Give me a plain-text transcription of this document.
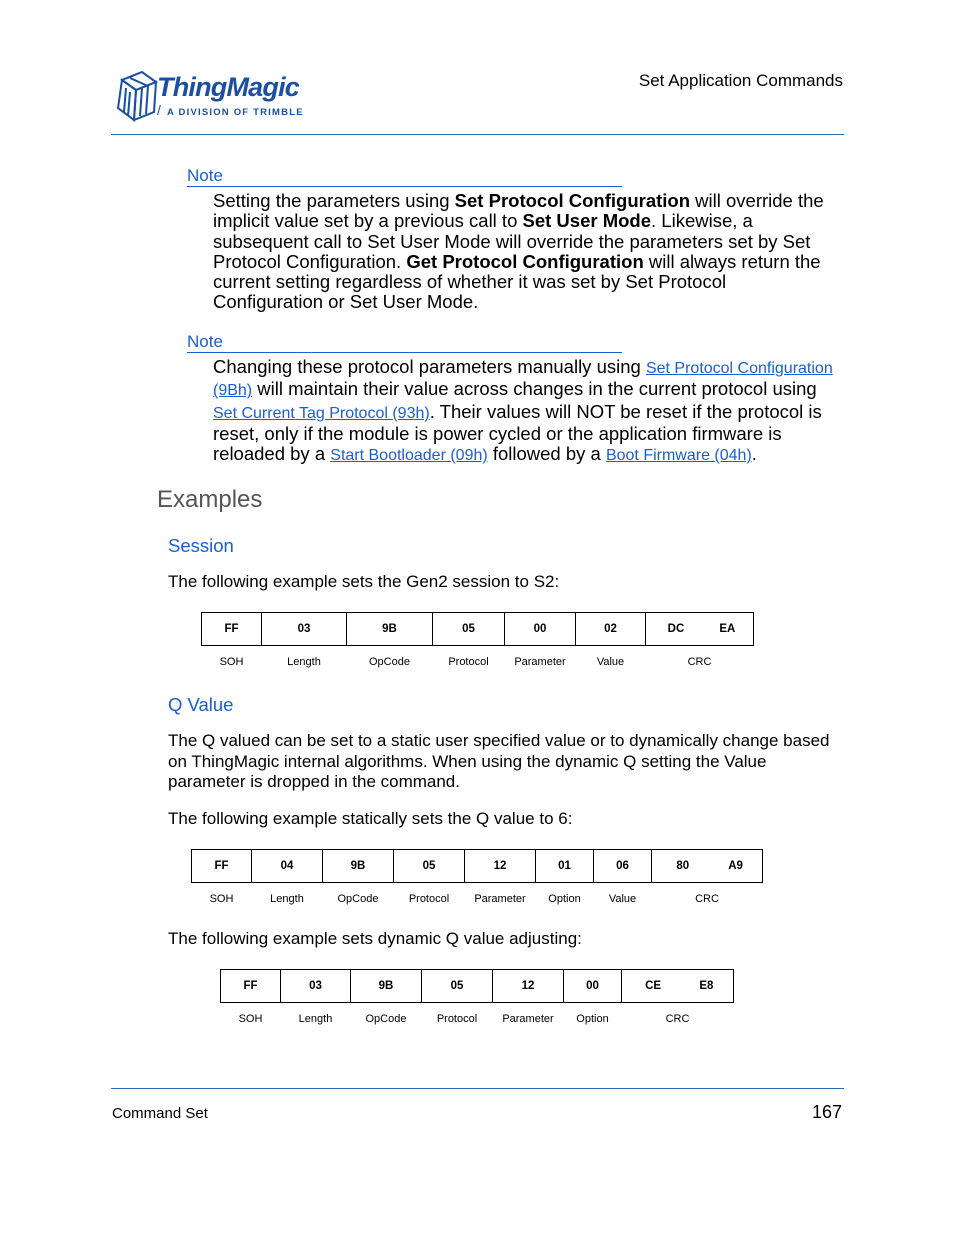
ThingMagic
/ A DIVISION OF TRIMBLE
Set Application Commands
Note
Setting the parameters using Set Protocol Configuration will override the implicit value set by a previous call to Set User Mode. Likewise, a subsequent call to Set User Mode will override the parameters set by Set Protocol Configuration. Get Protocol Configuration will always return the current setting regardless of whether it was set by Set Protocol Configuration or Set User Mode.
Note
Changing these protocol parameters manually using Set Protocol Configuration (9Bh) will maintain their value across changes in the current protocol using Set Current Tag Protocol (93h). Their values will NOT be reset if the protocol is reset, only if the module is power cycled or the application firmware is reloaded by a Start Bootloader (09h) followed by a Boot Firmware (04h).
Examples
Session
The following example sets the Gen2 session to S2:
FF	03	9B	05	00	02	DC EA
SOH	Length	OpCode	Protocol	Parameter	Value	CRC
Q Value
The Q valued can be set to a static user specified value or to dynamically change based on ThingMagic internal algorithms. When using the dynamic Q setting the Value parameter is dropped in the command.
The following example statically sets the Q value to 6:
FF	04	9B	05	12	01	06	80 A9
SOH	Length	OpCode	Protocol	Parameter	Option	Value	CRC
The following example sets dynamic Q value adjusting:
FF	03	9B	05	12	00	CE E8
SOH	Length	OpCode	Protocol	Parameter	Option	CRC
Command Set	167
